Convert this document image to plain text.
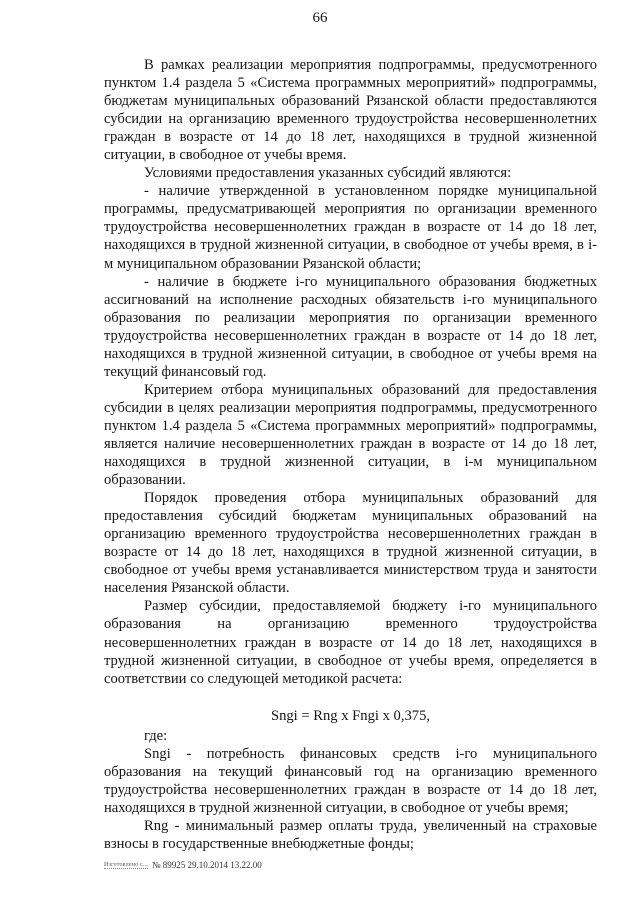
66

В рамках реализации мероприятия подпрограммы, предусмотренного пунктом 1.4 раздела 5 «Система программных мероприятий» подпрограммы, бюджетам муниципальных образований Рязанской области предоставляются субсидии на организацию временного трудоустройства несовершеннолетних граждан в возрасте от 14 до 18 лет, находящихся в трудной жизненной ситуации, в свободное от учебы время.

Условиями предоставления указанных субсидий являются:

- наличие утвержденной в установленном порядке муниципальной программы, предусматривающей мероприятия по организации временного трудоустройства несовершеннолетних граждан в возрасте от 14 до 18 лет, находящихся в трудной жизненной ситуации, в свободное от учебы время, в i-м муниципальном образовании Рязанской области;

- наличие в бюджете i-го муниципального образования бюджетных ассигнований на исполнение расходных обязательств i-го муниципального образования по реализации мероприятия по организации временного трудоустройства несовершеннолетних граждан в возрасте от 14 до 18 лет, находящихся в трудной жизненной ситуации, в свободное от учебы время на текущий финансовый год.

Критерием отбора муниципальных образований для предоставления субсидии в целях реализации мероприятия подпрограммы, предусмотренного пунктом 1.4 раздела 5 «Система программных мероприятий» подпрограммы, является наличие несовершеннолетних граждан в возрасте от 14 до 18 лет, находящихся в трудной жизненной ситуации, в i-м муниципальном образовании.

Порядок проведения отбора муниципальных образований для предоставления субсидий бюджетам муниципальных образований на организацию временного трудоустройства несовершеннолетних граждан в возрасте от 14 до 18 лет, находящихся в трудной жизненной ситуации, в свободное от учебы время устанавливается министерством труда и занятости населения Рязанской области.

Размер субсидии, предоставляемой бюджету i-го муниципального образования на организацию временного трудоустройства несовершеннолетних граждан в возрасте от 14 до 18 лет, находящихся в трудной жизненной ситуации, в свободное от учебы время, определяется в соответствии со следующей методикой расчета:

Sngi = Rng x Fngi x 0,375,

где:

Sngi - потребность финансовых средств i-го муниципального образования на текущий финансовый год на организацию временного трудоустройства несовершеннолетних граждан в возрасте от 14 до 18 лет, находящихся в трудной жизненной ситуации, в свободное от учебы время;

Rng - минимальный размер оплаты труда, увеличенный на страховые взносы в государственные внебюджетные фонды;

Изготовлено с... № 89925 29.10.2014 13.22.00
